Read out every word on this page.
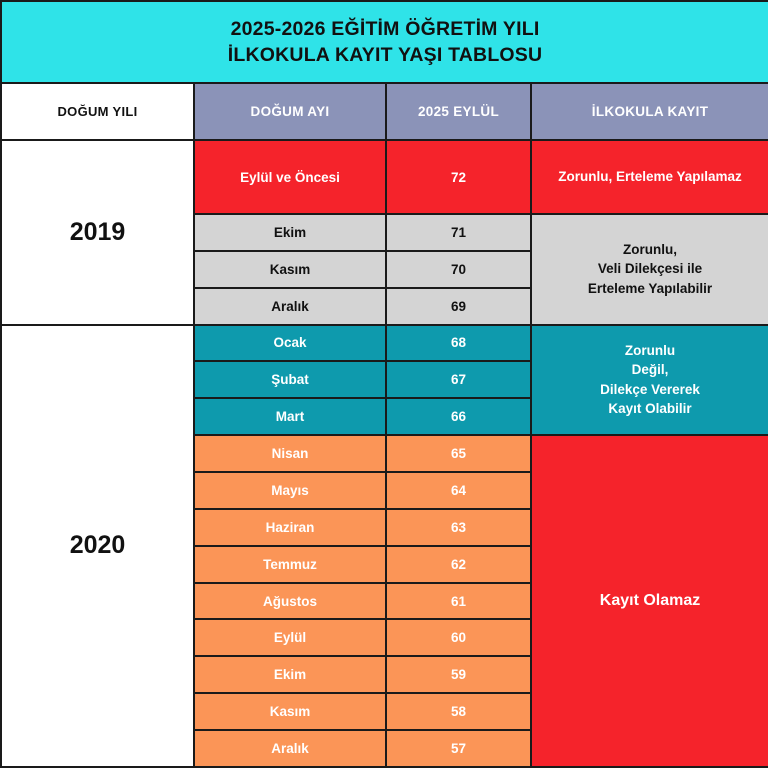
2025-2026 EĞİTİM ÖĞRETİM YILI
İLKOKULA KAYIT YAŞI TABLOSU			

DOĞUM YILI	DOĞUM AYI	2025 EYLÜL	İLKOKULA KAYIT
2019	Eylül ve Öncesi	72	Zorunlu, Erteleme Yapılamaz
	Ekim	71	Zorunlu,
Veli Dilekçesi ile
Erteleme Yapılabilir

	Kasım	70	
	Aralık	69	
2020	Ocak	68	Zorunlu
Değil,
Dilekçe Vererek
Kayıt Olabilir

	Şubat	67	
	Mart	66	
	Nisan	65	Kayıt Olamaz
	Mayıs	64	
	Haziran	63	
	Temmuz	62	
	Ağustos	61	
	Eylül	60	
	Ekim	59	
	Kasım	58	
	Aralık	57	
